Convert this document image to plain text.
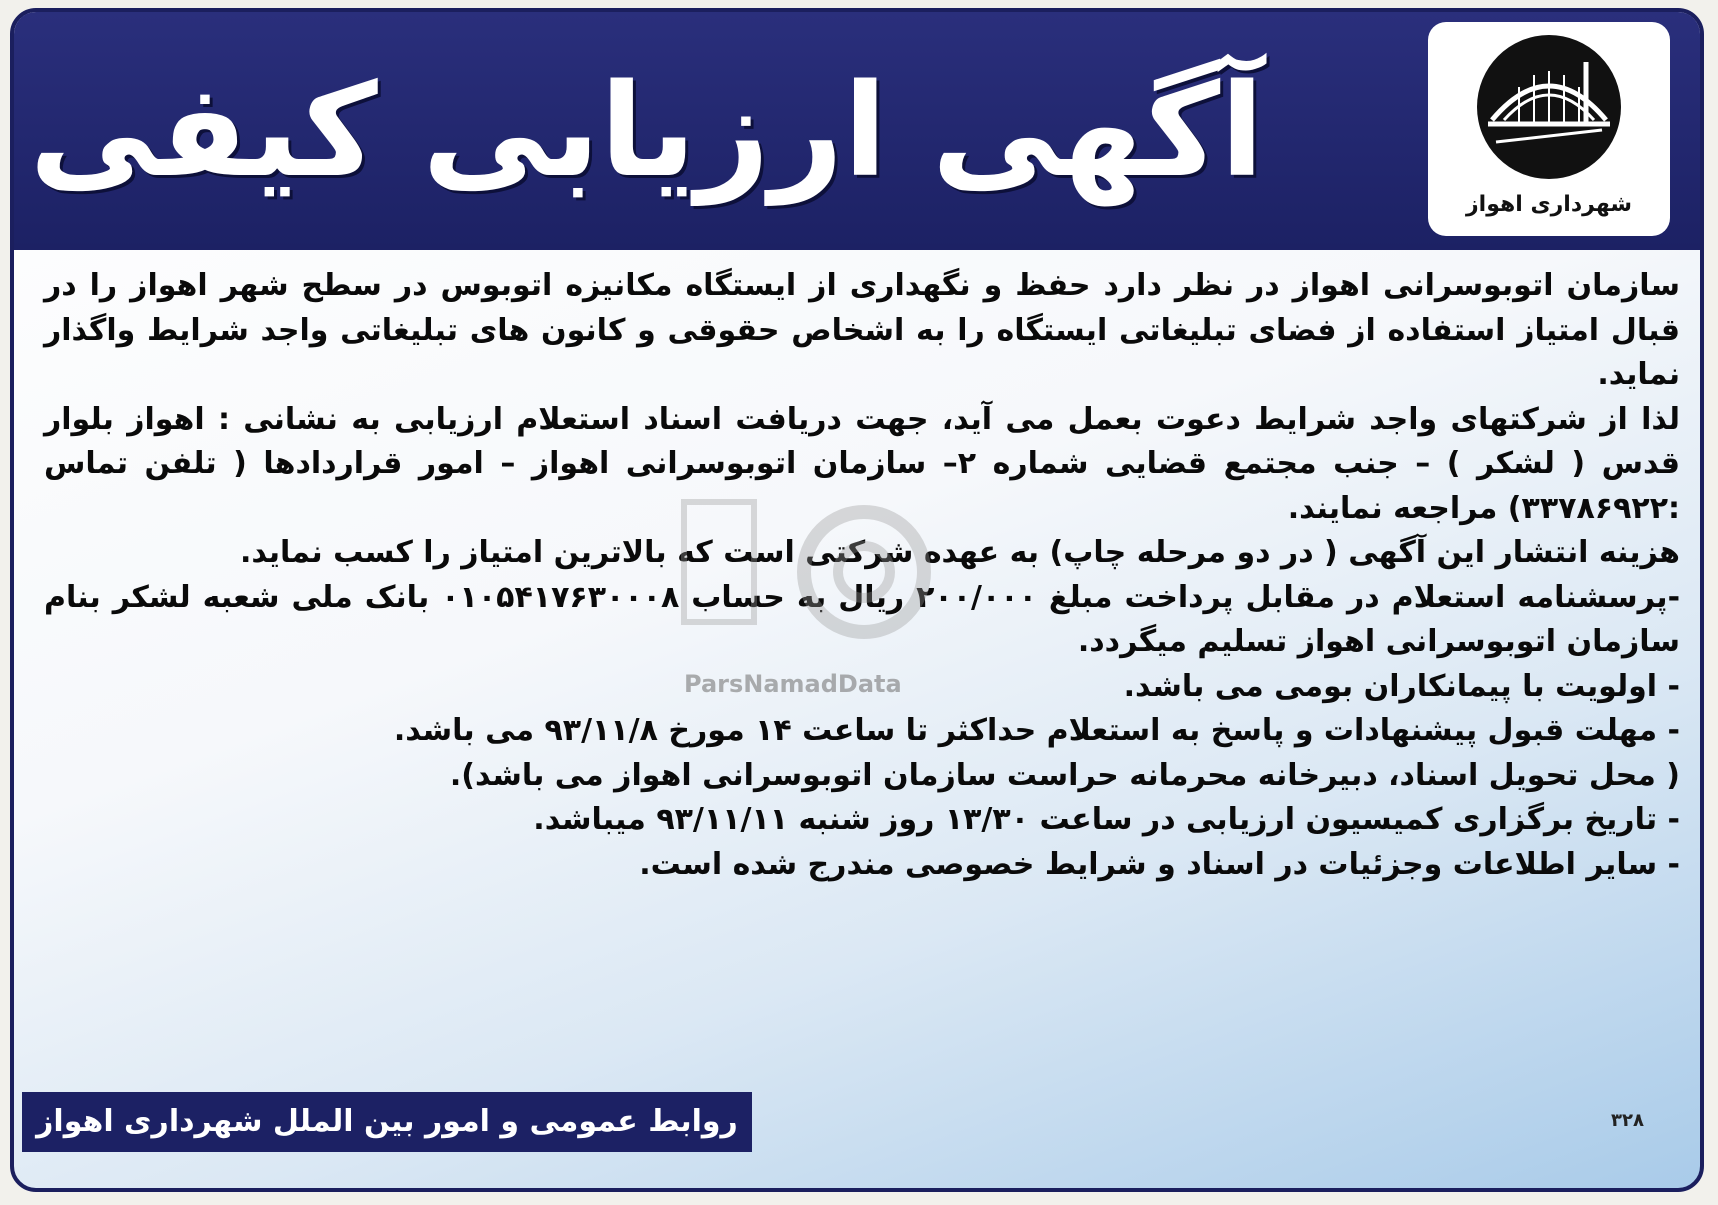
آگهی ارزیابی کیفی	شهرداری اهواز

سازمان اتوبوسرانی اهواز در نظر دارد حفظ و نگهداری از ایستگاه مکانیزه اتوبوس در سطح شهر اهواز را در قبال امتیاز استفاده از فضای تبلیغاتی ایستگاه را به اشخاص حقوقی و کانون های تبلیغاتی واجد شرایط واگذار نماید.

لذا از شرکتهای واجد شرایط دعوت بعمل می آید، جهت دریافت اسناد استعلام ارزیابی به نشانی : اهواز بلوار قدس ( لشکر ) – جنب مجتمع قضایی شماره ۲– سازمان اتوبوسرانی اهواز – امور قراردادها ( تلفن تماس :۳۳۷۸۶۹۲۲) مراجعه نمایند.

هزینه انتشار این آگهی ( در دو مرحله چاپ) به عهده شرکتی است که بالاترین امتیاز را کسب نماید.

-پرسشنامه استعلام در مقابل پرداخت مبلغ ۲۰۰/۰۰۰ ریال به حساب ۰۱۰۵۴۱۷۶۳۰۰۰۸ بانک ملی شعبه لشکر بنام سازمان اتوبوسرانی اهواز تسلیم میگردد.

- اولویت با پیمانکاران بومی می باشد.

- مهلت قبول پیشنهادات و پاسخ به استعلام حداکثر تا ساعت ۱۴ مورخ ۹۳/۱۱/۸ می باشد.

( محل تحویل اسناد، دبیرخانه محرمانه حراست سازمان اتوبوسرانی اهواز می باشد).

- تاریخ برگزاری کمیسیون ارزیابی در ساعت ۱۳/۳۰ روز شنبه ۹۳/۱۱/۱۱ میباشد.

- سایر اطلاعات وجزئیات در اسناد و شرایط خصوصی مندرج شده است.

ParsNamadData
روابط عمومی و امور بین الملل شهرداری اهواز	۳۲۸
